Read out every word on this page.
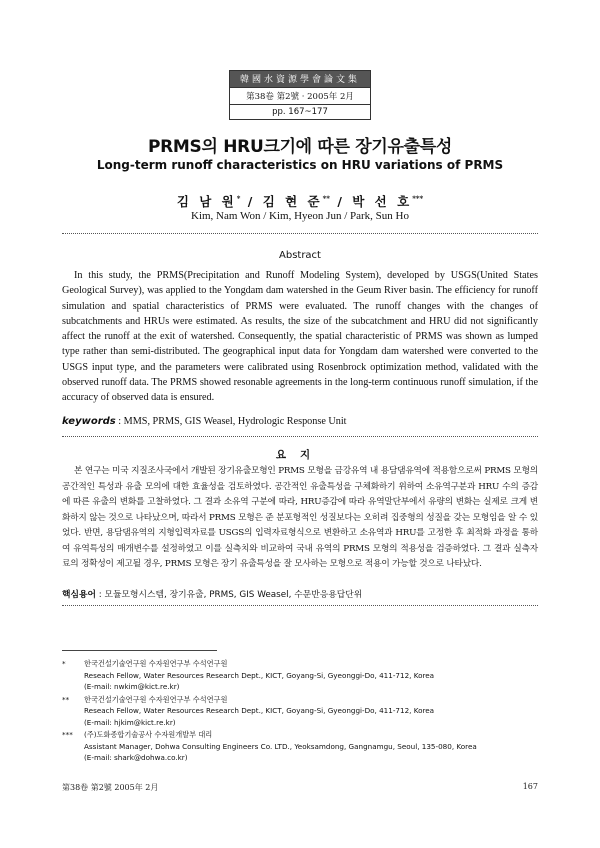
韓國水資源學會論文集
第38卷 第2號 · 2005年 2月
pp. 167~177
PRMS의 HRU크기에 따른 장기유출특성
Long-term runoff characteristics on HRU variations of PRMS
김 남 원* / 김 현 준** / 박 선 호***
Kim, Nam Won / Kim, Hyeon Jun / Park, Sun Ho
Abstract
In this study, the PRMS(Precipitation and Runoff Modeling System), developed by USGS(United States Geological Survey), was applied to the Yongdam dam watershed in the Geum River basin. The efficiency for runoff simulation and spatial characteristics of PRMS were evaluated. The runoff changes with the changes of subcatchments and HRUs were estimated. As results, the size of the subcatchment and HRU did not significantly affect the runoff at the exit of watershed. Consequently, the spatial characteristic of PRMS was shown as lumped type rather than semi-distributed. The geographical input data for Yongdam dam watershed were converted to the USGS input type, and the parameters were calibrated using Rosenbrock optimization method, validated with the observed runoff data. The PRMS showed resonable agreements in the long-term continuous runoff simulation, if the accuracy of observed data is ensured.
keywords : MMS, PRMS, GIS Weasel, Hydrologic Response Unit
요지
본 연구는 미국 지질조사국에서 개발된 장기유출모형인 PRMS 모형을 금강유역 내 용담댐유역에 적용함으로써 PRMS 모형의 공간적인 특성과 유출 모의에 대한 효율성을 검토하였다. 공간적인 유출특성을 구체화하기 위하여 소유역구분과 HRU 수의 증감에 따른 유출의 변화를 고찰하였다. 그 결과 소유역 구분에 따라, HRU증감에 따라 유역말단부에서 유량의 변화는 실제로 크게 변화하지 않는 것으로 나타났으며, 따라서 PRMS 모형은 준 분포형적인 성질보다는 오히려 집중형의 성질을 갖는 모형임을 알 수 있었다. 반면, 용담댐유역의 지형입력자료를 USGS의 입력자료형식으로 변환하고 소유역과 HRU를 고정한 후 최적화 과정을 통하여 유역특성의 매개변수를 설정하였고 이를 실측치와 비교하여 국내 유역의 PRMS 모형의 적용성을 검증하였다. 그 결과 실측자료의 정확성이 제고될 경우, PRMS 모형은 장기 유출특성을 잘 모사하는 모형으로 적용이 가능할 것으로 나타났다.
핵심용어 : 모듈모형시스템, 장기유출, PRMS, GIS Weasel, 수문반응용답단위
*	한국건설기술연구원 수자원연구부 수석연구원
Reseach Fellow, Water Resources Research Dept., KICT, Goyang-Si, Gyeonggi-Do, 411-712, Korea
(E-mail: nwkim@kict.re.kr)
**	한국건설기술연구원 수자원연구부 수석연구원
Reseach Fellow, Water Resources Research Dept., KICT, Goyang-Si, Gyeonggi-Do, 411-712, Korea
(E-mail: hjkim@kict.re.kr)
***	(주)도화종합기술공사 수자원개발부 대리
Assistant Manager, Dohwa Consulting Engineers Co. LTD., Yeoksamdong, Gangnamgu, Seoul, 135-080, Korea
(E-mail: shark@dohwa.co.kr)
第38卷 第2號 2005年 2月	167
